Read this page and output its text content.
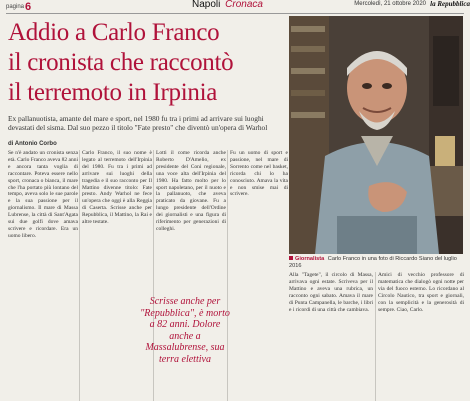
pagina 6	Napoli Cronaca	Mercoledì, 21 ottobre 2020 la Repubblica
Addio a Carlo Franco
il cronista che raccontò
il terremoto in Irpinia
Ex pallanuotista, amante del mare e sport, nel 1980 fu tra i primi ad arrivare sui luoghi devastati del sisma. Dal suo pezzo il titolo "Fate presto" che diventò un'opera di Warhol
Giornalista Carlo Franco in una foto di Riccardo Siano del luglio 2016
di Antonio Corbo
Se n'è andato un cronista senza età. Carlo Franco aveva 82 anni e ancora tanta voglia di raccontare. Poteva essere nello sport, cronaca o bianca, il mare che l'ha portato più lontano del tempo, aveva solo le sue parole e la sua passione per il giornalismo. Il mare di Massa Lubrense, la città di Sant'Agata sui due golfi dove amava scrivere e ricordare. Era un uomo libero.
Carlo Franco, il suo nome è legato al terremoto dell'Irpinia del 1980. Fu tra i primi ad arrivare sui luoghi della tragedia e il suo racconto per Il Mattino divenne titolo: Fate presto. Andy Warhol ne fece un'opera che oggi è alla Reggia di Caserta. Scrisse anche per Repubblica, il Mattino, la Rai e altre testate.
Lotti il come ricorda anche Roberto D'Amelio, ex presidente del Coni regionale, una voce alta dell'Irpinia del 1980. Ha fatto molto per lo sport napoletano, per il nuoto e la pallanuoto, che aveva praticato da giovane. Fu a lungo presidente dell'Ordine dei giornalisti e una figura di riferimento per generazioni di colleghi.
Fu un uomo di sport e passione, nel mare di Sorrento come nel basket, ricorda chi lo ha conosciuto. Amava la vita e non smise mai di scrivere.
Scrisse anche per "Repubblica", è morto a 82 anni. Dolore anche a Massalubrense, sua terra elettiva
Alla "Tagete", il circolo di Massa, arrivava ogni estate. Scriveva per il Mattino e aveva una rubrica, un racconto ogni sabato. Amava il mare di Punta Campanella, le barche, i libri e i ricordi di una città che cambiava.
Amici di vecchio professore di matematica che dialogò ogni notte per via del fuoco esterno. Lo ricordano al Circolo Nautico, tra sport e giornali, con la semplicità e la generosità di sempre. Ciao, Carlo.
